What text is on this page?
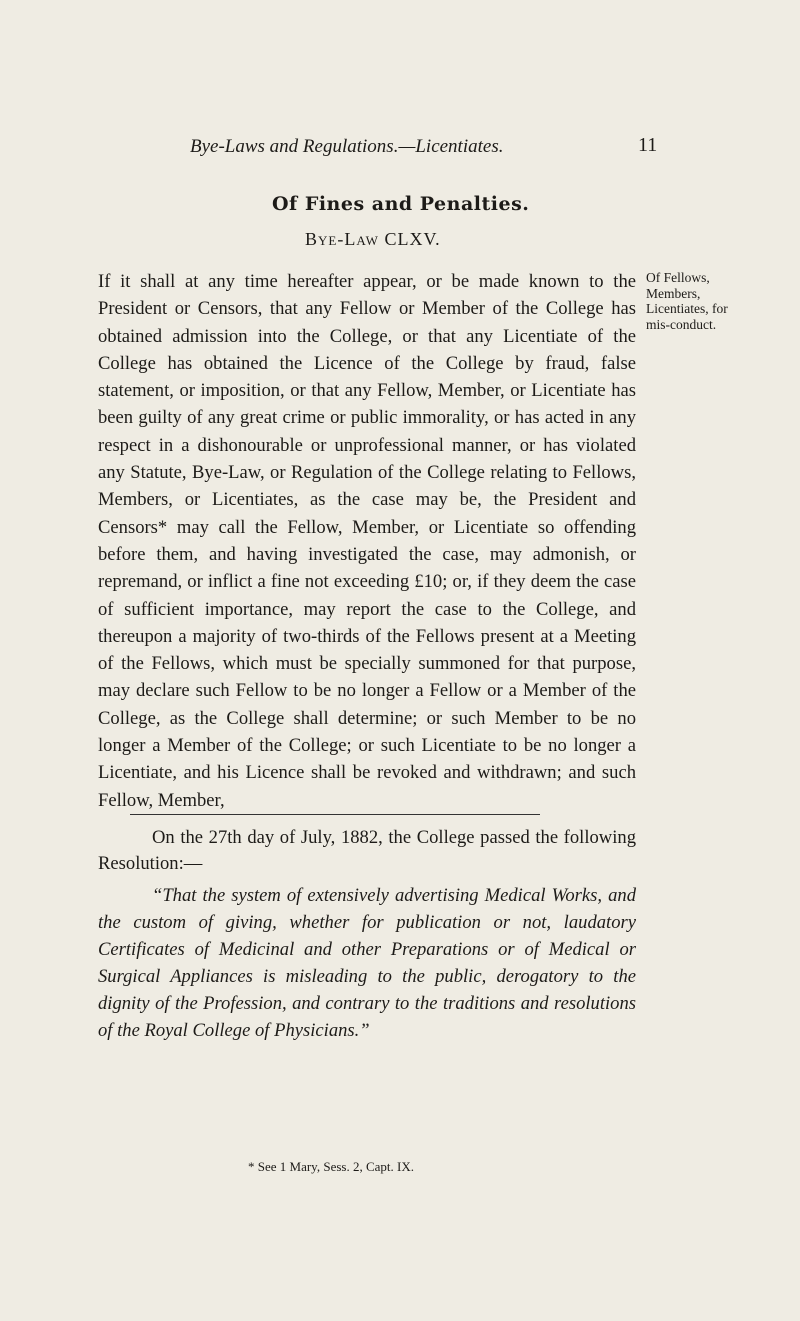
Bye-Laws and Regulations.—Licentiates.	11
Of Fines and Penalties.
Bye-Law CLXV.

If it shall at any time hereafter appear, or be made known to the President or Censors, that any Fellow or Member of the College has obtained admission into the College, or that any Licentiate of the College has obtained the Licence of the College by fraud, false statement, or imposition, or that any Fellow, Member, or Licentiate has been guilty of any great crime or public immorality, or has acted in any respect in a dishonourable or unprofessional manner, or has violated any Statute, Bye-Law, or Regulation of the College relating to Fellows, Members, or Licentiates, as the case may be, the President and Censors* may call the Fellow, Member, or Licentiate so offending before them, and having investigated the case, may admonish, or repremand, or inflict a fine not exceeding £10; or, if they deem the case of sufficient importance, may report the case to the College, and thereupon a majority of two-thirds of the Fellows present at a Meeting of the Fellows, which must be specially summoned for that purpose, may declare such Fellow to be no longer a Fellow or a Member of the College, as the College shall determine; or such Member to be no longer a Member of the College; or such Licentiate to be no longer a Licentiate, and his Licence shall be revoked and withdrawn; and such Fellow, Member,

Of Fellows, Members, Licentiates, for mis-conduct.

On the 27th day of July, 1882, the College passed the following Resolution:—

“That the system of extensively advertising Medical Works, and the custom of giving, whether for publication or not, laudatory Certificates of Medicinal and other Preparations or of Medical or Surgical Appliances is misleading to the public, derogatory to the dignity of the Profession, and contrary to the traditions and resolutions of the Royal College of Physicians.”

* See 1 Mary, Sess. 2, Capt. IX.
